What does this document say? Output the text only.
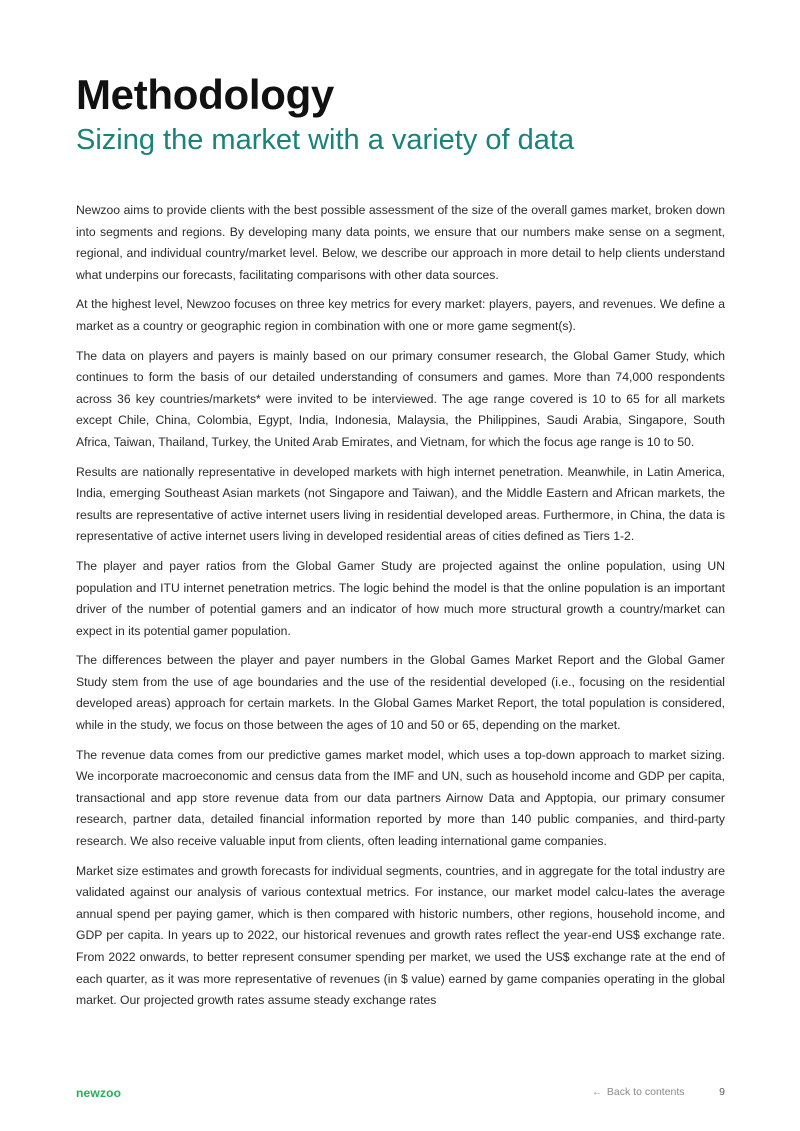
Methodology
Sizing the market with a variety of data

Newzoo aims to provide clients with the best possible assessment of the size of the overall games market, broken down into segments and regions. By developing many data points, we ensure that our numbers make sense on a segment, regional, and individual country/market level. Below, we describe our approach in more detail to help clients understand what underpins our forecasts, facilitating comparisons with other data sources.

At the highest level, Newzoo focuses on three key metrics for every market: players, payers, and revenues. We define a market as a country or geographic region in combination with one or more game segment(s).

The data on players and payers is mainly based on our primary consumer research, the Global Gamer Study, which continues to form the basis of our detailed understanding of consumers and games. More than 74,000 respondents across 36 key countries/markets* were invited to be interviewed. The age range covered is 10 to 65 for all markets except Chile, China, Colombia, Egypt, India, Indonesia, Malaysia, the Philippines, Saudi Arabia, Singapore, South Africa, Taiwan, Thailand, Turkey, the United Arab Emirates, and Vietnam, for which the focus age range is 10 to 50.

Results are nationally representative in developed markets with high internet penetration. Meanwhile, in Latin America, India, emerging Southeast Asian markets (not Singapore and Taiwan), and the Middle Eastern and African markets, the results are representative of active internet users living in residential developed areas. Furthermore, in China, the data is representative of active internet users living in developed residential areas of cities defined as Tiers 1-2.

The player and payer ratios from the Global Gamer Study are projected against the online population, using UN population and ITU internet penetration metrics. The logic behind the model is that the online population is an important driver of the number of potential gamers and an indicator of how much more structural growth a country/market can expect in its potential gamer population.

The differences between the player and payer numbers in the Global Games Market Report and the Global Gamer Study stem from the use of age boundaries and the use of the residential developed (i.e., focusing on the residential developed areas) approach for certain markets. In the Global Games Market Report, the total population is considered, while in the study, we focus on those between the ages of 10 and 50 or 65, depending on the market.

The revenue data comes from our predictive games market model, which uses a top-down approach to market sizing. We incorporate macroeconomic and census data from the IMF and UN, such as household income and GDP per capita, transactional and app store revenue data from our data partners Airnow Data and Apptopia, our primary consumer research, partner data, detailed financial information reported by more than 140 public companies, and third-party research. We also receive valuable input from clients, often leading international game companies.

Market size estimates and growth forecasts for individual segments, countries, and in aggregate for the total industry are validated against our analysis of various contextual metrics. For instance, our market model calcu-lates the average annual spend per paying gamer, which is then compared with historic numbers, other regions, household income, and GDP per capita. In years up to 2022, our historical revenues and growth rates reflect the year-end US$ exchange rate. From 2022 onwards, to better represent consumer spending per market, we used the US$ exchange rate at the end of each quarter, as it was more representative of revenues (in $ value) earned by game companies operating in the global market. Our projected growth rates assume steady exchange rates

newzoo	← Back to contents	9
